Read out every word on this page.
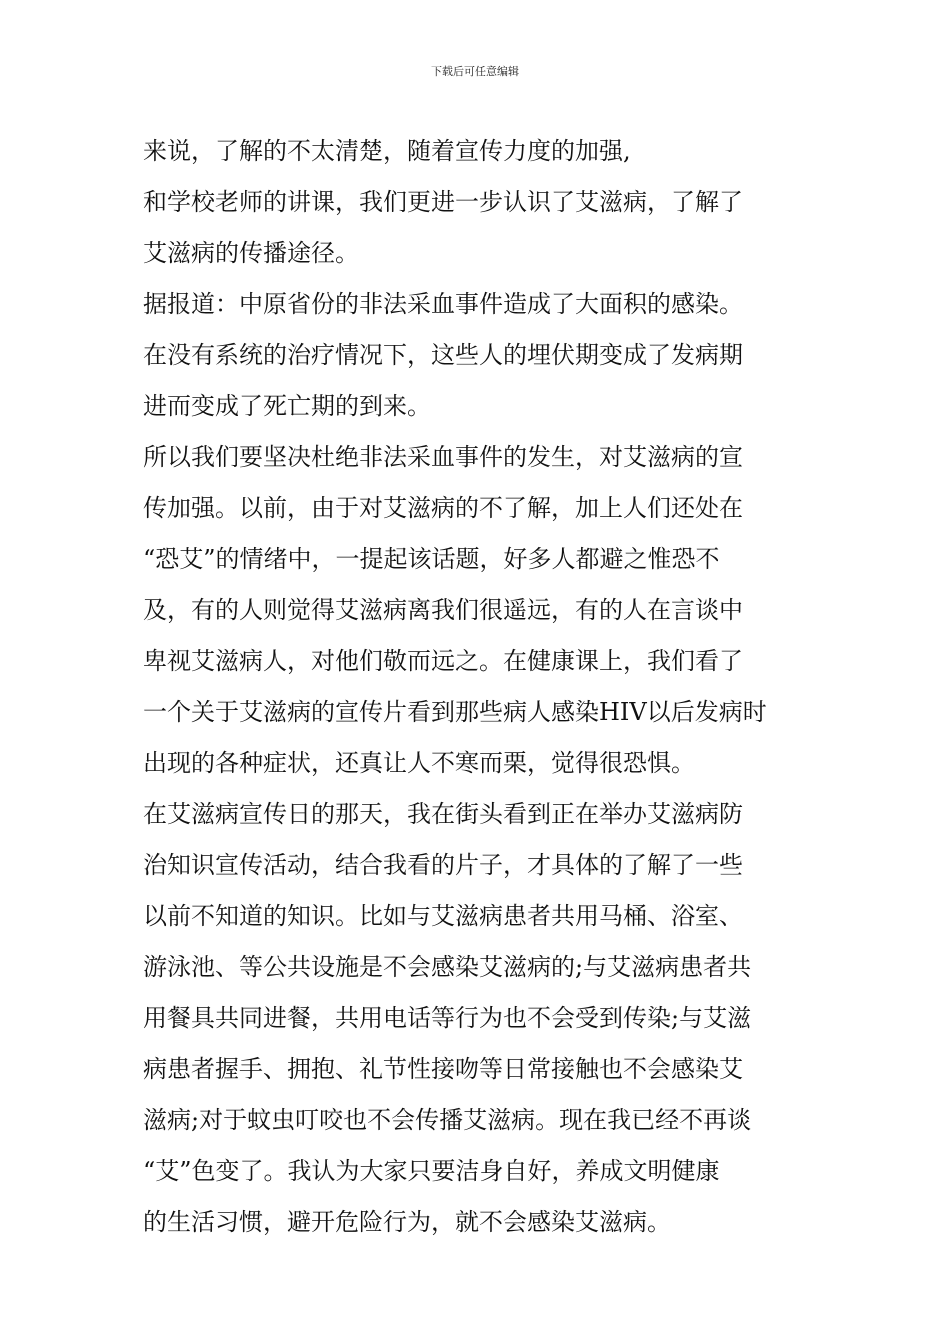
下载后可任意编辑
来说，了解的不太清楚，随着宣传力度的加强,
和学校老师的讲课，我们更进一步认识了艾滋病，了解了
艾滋病的传播途径。
据报道：中原省份的非法采血事件造成了大面积的感染。
在没有系统的治疗情况下，这些人的埋伏期变成了发病期
进而变成了死亡期的到来。
所以我们要坚决杜绝非法采血事件的发生，对艾滋病的宣
传加强。以前，由于对艾滋病的不了解，加上人们还处在
“恐艾”的情绪中，一提起该话题，好多人都避之惟恐不
及，有的人则觉得艾滋病离我们很遥远，有的人在言谈中
卑视艾滋病人，对他们敬而远之。在健康课上，我们看了
一个关于艾滋病的宣传片看到那些病人感染HIV以后发病时
出现的各种症状，还真让人不寒而栗，觉得很恐惧。
在艾滋病宣传日的那天，我在街头看到正在举办艾滋病防
治知识宣传活动，结合我看的片子，才具体的了解了一些
以前不知道的知识。比如与艾滋病患者共用马桶、浴室、
游泳池、等公共设施是不会感染艾滋病的;与艾滋病患者共
用餐具共同进餐，共用电话等行为也不会受到传染;与艾滋
病患者握手、拥抱、礼节性接吻等日常接触也不会感染艾
滋病;对于蚊虫叮咬也不会传播艾滋病。现在我已经不再谈
“艾”色变了。我认为大家只要洁身自好，养成文明健康
的生活习惯，避开危险行为，就不会感染艾滋病。
